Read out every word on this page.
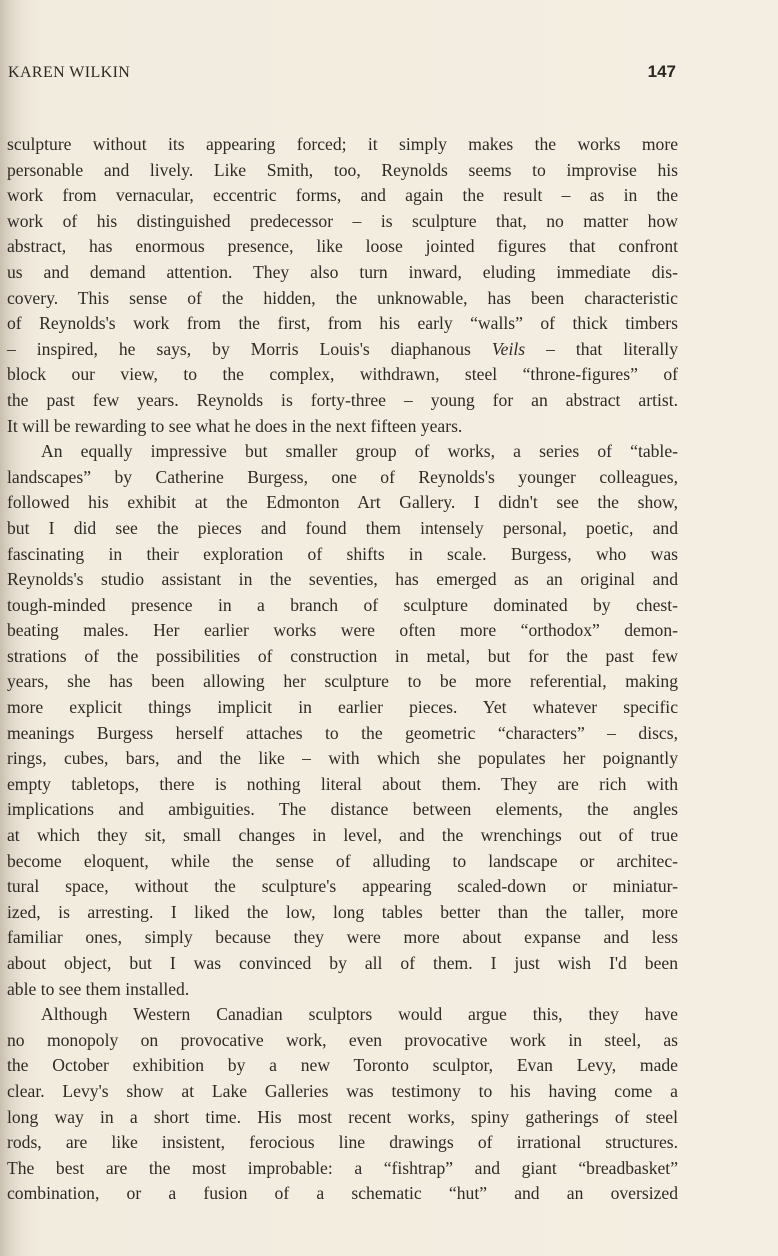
KAREN WILKIN	147
sculpture without its appearing forced; it simply makes the works more
personable and lively. Like Smith, too, Reynolds seems to improvise his
work from vernacular, eccentric forms, and again the result – as in the
work of his distinguished predecessor – is sculpture that, no matter how
abstract, has enormous presence, like loose jointed figures that confront
us and demand attention. They also turn inward, eluding immediate dis-
covery. This sense of the hidden, the unknowable, has been characteristic
of Reynolds's work from the first, from his early “walls” of thick timbers
– inspired, he says, by Morris Louis's diaphanous Veils – that literally
block our view, to the complex, withdrawn, steel “throne-figures” of
the past few years. Reynolds is forty-three – young for an abstract artist.
It will be rewarding to see what he does in the next fifteen years.
An equally impressive but smaller group of works, a series of “table-
landscapes” by Catherine Burgess, one of Reynolds's younger colleagues,
followed his exhibit at the Edmonton Art Gallery. I didn't see the show,
but I did see the pieces and found them intensely personal, poetic, and
fascinating in their exploration of shifts in scale. Burgess, who was
Reynolds's studio assistant in the seventies, has emerged as an original and
tough-minded presence in a branch of sculpture dominated by chest-
beating males. Her earlier works were often more “orthodox” demon-
strations of the possibilities of construction in metal, but for the past few
years, she has been allowing her sculpture to be more referential, making
more explicit things implicit in earlier pieces. Yet whatever specific
meanings Burgess herself attaches to the geometric “characters” – discs,
rings, cubes, bars, and the like – with which she populates her poignantly
empty tabletops, there is nothing literal about them. They are rich with
implications and ambiguities. The distance between elements, the angles
at which they sit, small changes in level, and the wrenchings out of true
become eloquent, while the sense of alluding to landscape or architec-
tural space, without the sculpture's appearing scaled-down or miniatur-
ized, is arresting. I liked the low, long tables better than the taller, more
familiar ones, simply because they were more about expanse and less
about object, but I was convinced by all of them. I just wish I'd been
able to see them installed.
Although Western Canadian sculptors would argue this, they have
no monopoly on provocative work, even provocative work in steel, as
the October exhibition by a new Toronto sculptor, Evan Levy, made
clear. Levy's show at Lake Galleries was testimony to his having come a
long way in a short time. His most recent works, spiny gatherings of steel
rods, are like insistent, ferocious line drawings of irrational structures.
The best are the most improbable: a “fishtrap” and giant “breadbasket”
combination, or a fusion of a schematic “hut” and an oversized
